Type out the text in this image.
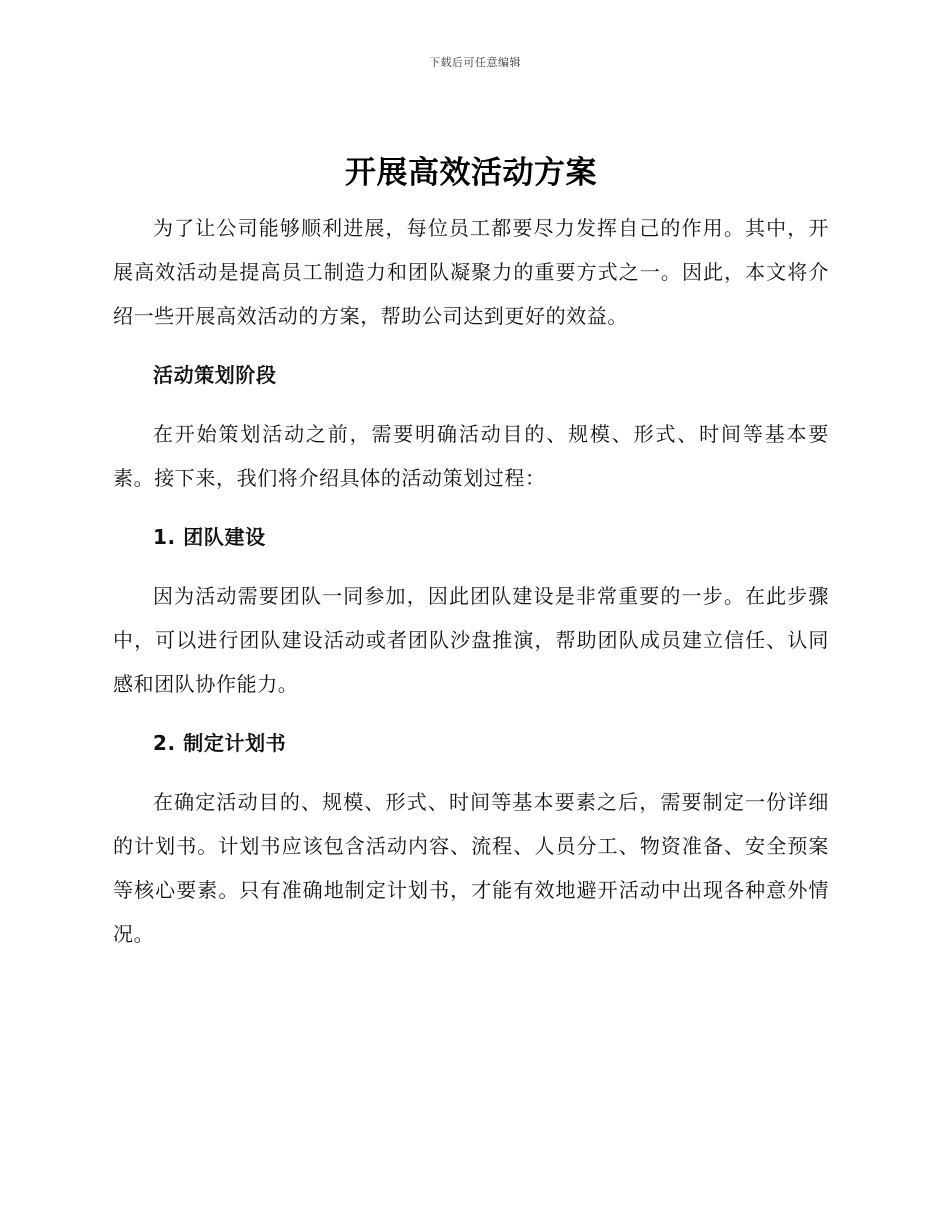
下载后可任意编辑
开展高效活动方案

为了让公司能够顺利进展，每位员工都要尽力发挥自己的作用。其中，开展高效活动是提高员工制造力和团队凝聚力的重要方式之一。因此，本文将介绍一些开展高效活动的方案，帮助公司达到更好的效益。

活动策划阶段

在开始策划活动之前，需要明确活动目的、规模、形式、时间等基本要素。接下来，我们将介绍具体的活动策划过程：

1. 团队建设

因为活动需要团队一同参加，因此团队建设是非常重要的一步。在此步骤中，可以进行团队建设活动或者团队沙盘推演，帮助团队成员建立信任、认同感和团队协作能力。

2. 制定计划书

在确定活动目的、规模、形式、时间等基本要素之后，需要制定一份详细的计划书。计划书应该包含活动内容、流程、人员分工、物资准备、安全预案等核心要素。只有准确地制定计划书，才能有效地避开活动中出现各种意外情况。
